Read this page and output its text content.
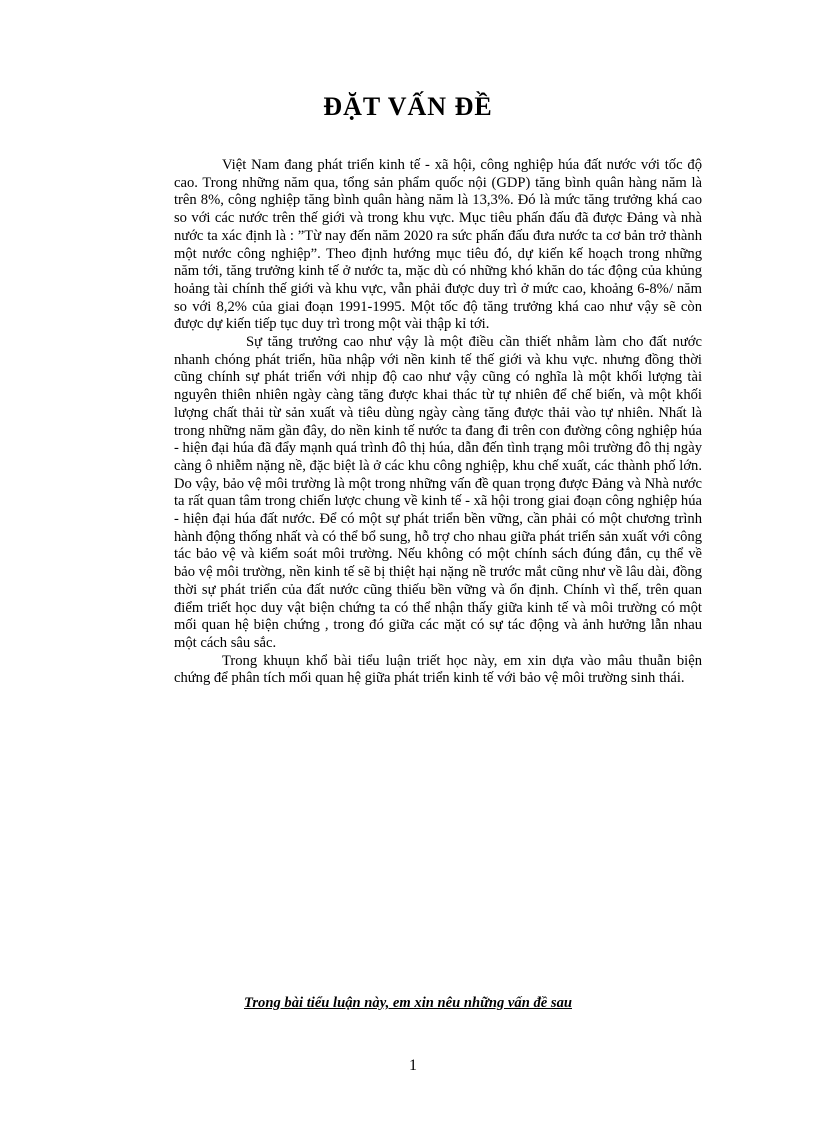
ĐẶT VẤN ĐỀ

Việt Nam đang phát triển kinh tế - xã hội, công nghiệp húa đất nước với tốc độ cao. Trong những năm qua, tổng sản phẩm quốc nội (GDP) tăng bình quân hàng năm là trên 8%, công nghiệp tăng bình quân hàng năm là 13,3%. Đó là mức tăng trưởng khá cao so với các nước trên thế giới và trong khu vực. Mục tiêu phấn đấu đã được Đảng và nhà nước ta xác định là : ”Từ nay đến năm 2020 ra sức phấn đấu đưa nước ta cơ bản trở thành một nước công nghiệp”. Theo định hướng mục tiêu đó, dự kiến kế hoạch trong những năm tới, tăng trưởng kinh tế ở nước ta, mặc dù có những khó khăn do tác động của khủng hoảng tài chính thế giới và khu vực, vẫn phải được duy trì ở mức cao, khoảng 6-8%/ năm so với 8,2% của giai đoạn 1991-1995. Một tốc độ tăng trưởng khá cao như vậy sẽ còn được dự kiến tiếp tục duy trì trong một vài thập kỉ tới.

Sự tăng trưởng cao như vậy là một điều cần thiết nhằm làm cho đất nước nhanh chóng phát triển, hũa nhập với nền kinh tế thế giới và khu vực. nhưng đồng thời cũng chính sự phát triển với nhịp độ cao như vậy cũng có nghĩa là một khối lượng tài nguyên thiên nhiên ngày càng tăng được khai thác từ tự nhiên để chế biến, và một khối lượng chất thải từ sản xuất và tiêu dùng ngày càng tăng được thải vào tự nhiên. Nhất là trong những năm gần đây, do nền kinh tế nước ta đang đi trên con đường công nghiệp húa - hiện đại húa đã đẩy mạnh quá trình đô thị húa, dẫn đến tình trạng môi trường đô thị ngày càng ô nhiễm nặng nề, đặc biệt là ở các khu công nghiệp, khu chế xuất, các thành phố lớn. Do vậy, bảo vệ môi trường là một trong những vấn đề quan trọng được Đảng và Nhà nước ta rất quan tâm trong chiến lược chung về kinh tế - xã hội trong giai đoạn công nghiệp húa - hiện đại húa đất nước. Để có một sự phát triển bền vững, cần phải có một chương trình hành động thống nhất và có thể bổ sung, hỗ trợ cho nhau giữa phát triển sản xuất với công tác bảo vệ và kiểm soát môi trường. Nếu không có một chính sách đúng đắn, cụ thể về bảo vệ môi trường, nền kinh tế sẽ bị thiệt hại nặng nề trước mắt cũng như về lâu dài, đồng thời sự phát triển của đất nước cũng thiếu bền vững và ổn định. Chính vì thế, trên quan điểm triết học duy vật biện chứng ta có thể nhận thấy giữa kinh tế và môi trường có một mối quan hệ biện chứng , trong đó giữa các mặt có sự tác động và ảnh hưởng lẫn nhau một cách sâu sắc.

Trong khuụn khổ bài tiểu luận triết học này, em xin dựa vào mâu thuẫn biện chứng để phân tích mối quan hệ giữa phát triển kinh tế với bảo vệ môi trường sinh thái.

Trong bài tiểu luận này, em xin nêu những vấn đề sau

1
